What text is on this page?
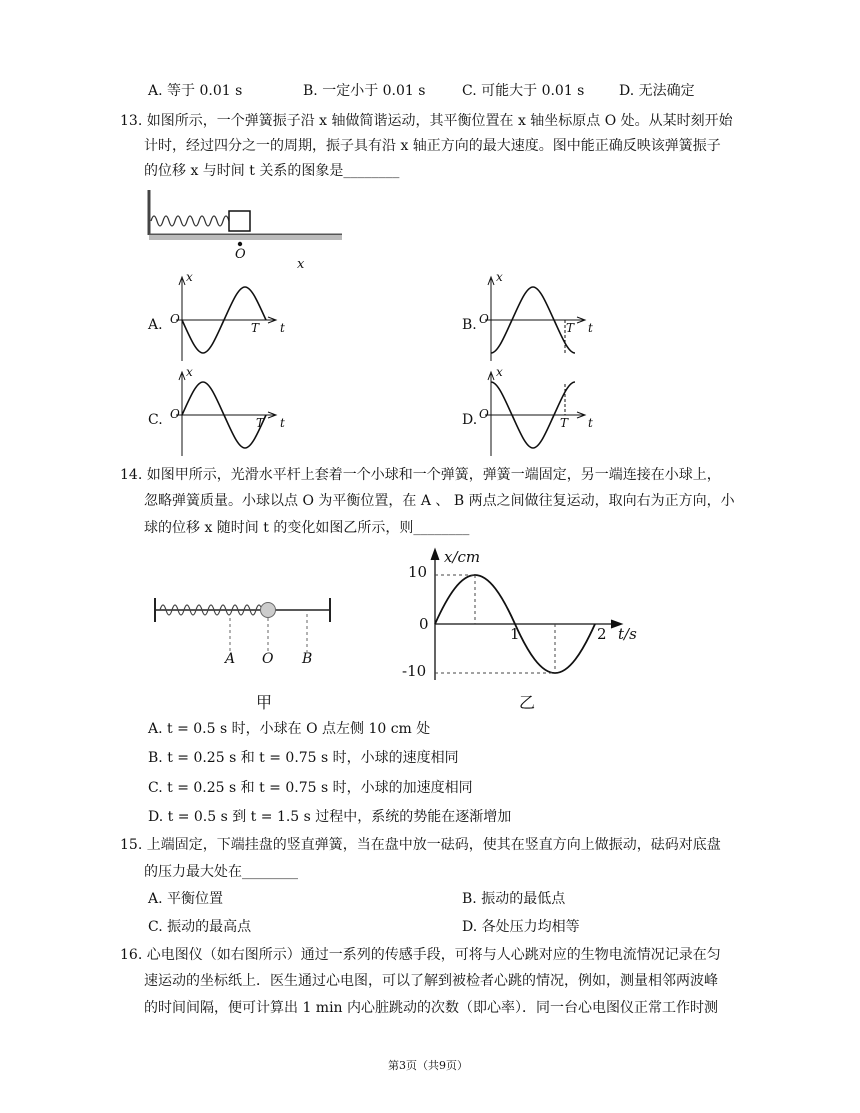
A. 等于 0.01 s	B. 一定小于 0.01 s	C. 可能大于 0.01 s D. 无法确定
13. 如图所示，一个弹簧振子沿 x 轴做简谐运动，其平衡位置在 x 轴坐标原点 O 处。从某时刻开始
计时，经过四分之一的周期，振子具有沿 x 轴正方向的最大速度。图中能正确反映该弹簧振子
的位移 x 与时间 t 关系的图象是________
O
x
A.
x
O
T t	B.
x
O
T t
C.
x
O
T t	D.
x
O
T t
14. 如图甲所示，光滑水平杆上套着一个小球和一个弹簧，弹簧一端固定，另一端连接在小球上，
忽略弹簧质量。小球以点 O 为平衡位置，在 A 、 B 两点之间做往复运动，取向右为正方向，小
球的位移 x 随时间 t 的变化如图乙所示，则________
A O B
甲
x/cm
10
0
-10
1	2 t/s
乙
A. t = 0.5 s 时，小球在 O 点左侧 10 cm 处
B. t = 0.25 s 和 t = 0.75 s 时，小球的速度相同
C. t = 0.25 s 和 t = 0.75 s 时，小球的加速度相同
D. t = 0.5 s 到 t = 1.5 s 过程中，系统的势能在逐渐增加
15. 上端固定，下端挂盘的竖直弹簧，当在盘中放一砝码，使其在竖直方向上做振动，砝码对底盘
的压力最大处在________
A. 平衡位置	B. 振动的最低点
C. 振动的最高点	D. 各处压力均相等
16. 心电图仪（如右图所示）通过一系列的传感手段，可将与人心跳对应的生物电流情况记录在匀
速运动的坐标纸上．医生通过心电图，可以了解到被检者心跳的情况，例如，测量相邻两波峰
的时间间隔，便可计算出 1 min 内心脏跳动的次数（即心率）．同一台心电图仪正常工作时测
第3页（共9页）
